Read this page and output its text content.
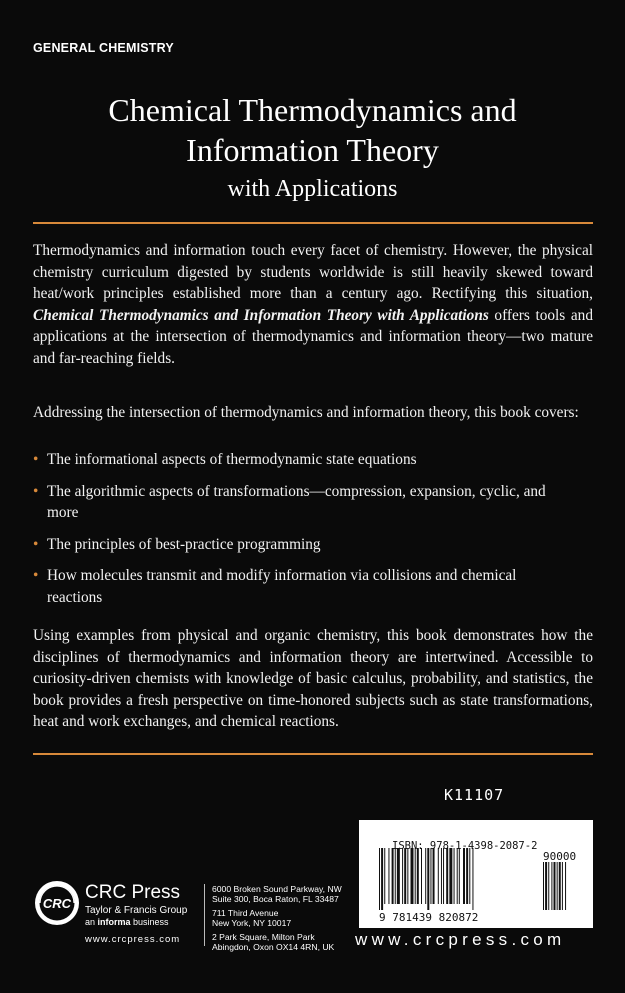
GENERAL CHEMISTRY
Chemical Thermodynamics and
Information Theory
with Applications

Thermodynamics and information touch every facet of chemistry. However, the physical chemistry curriculum digested by students worldwide is still heavily skewed toward heat/work principles established more than a century ago. Rectifying this situation, Chemical Thermodynamics and Information Theory with Applications offers tools and applications at the intersection of thermodynamics and information theory—two mature and far-reaching fields.

Addressing the intersection of thermodynamics and information theory, this book covers:

• The informational aspects of thermodynamic state equations
• The algorithmic aspects of transformations—compression, expansion, cyclic, and more
• The principles of best-practice programming
• How molecules transmit and modify information via collisions and chemical reactions

Using examples from physical and organic chemistry, this book demonstrates how the disciplines of thermodynamics and information theory are intertwined. Accessible to curiosity-driven chemists with knowledge of basic calculus, probability, and statistics, the book provides a fresh perspective on time-honored subjects such as state transformations, heat and work exchanges, and chemical reactions.

K11107
9 781439 820872
90000
ISBN: 978-1-4398-2087-2
CRC
CRC Press
Taylor & Francis Group
an informa business
www.crcpress.com
6000 Broken Sound Parkway, NW
Suite 300, Boca Raton, FL 33487
711 Third Avenue
New York, NY 10017
2 Park Square, Milton Park
Abingdon, Oxon OX14 4RN, UK	www.crcpress.com
